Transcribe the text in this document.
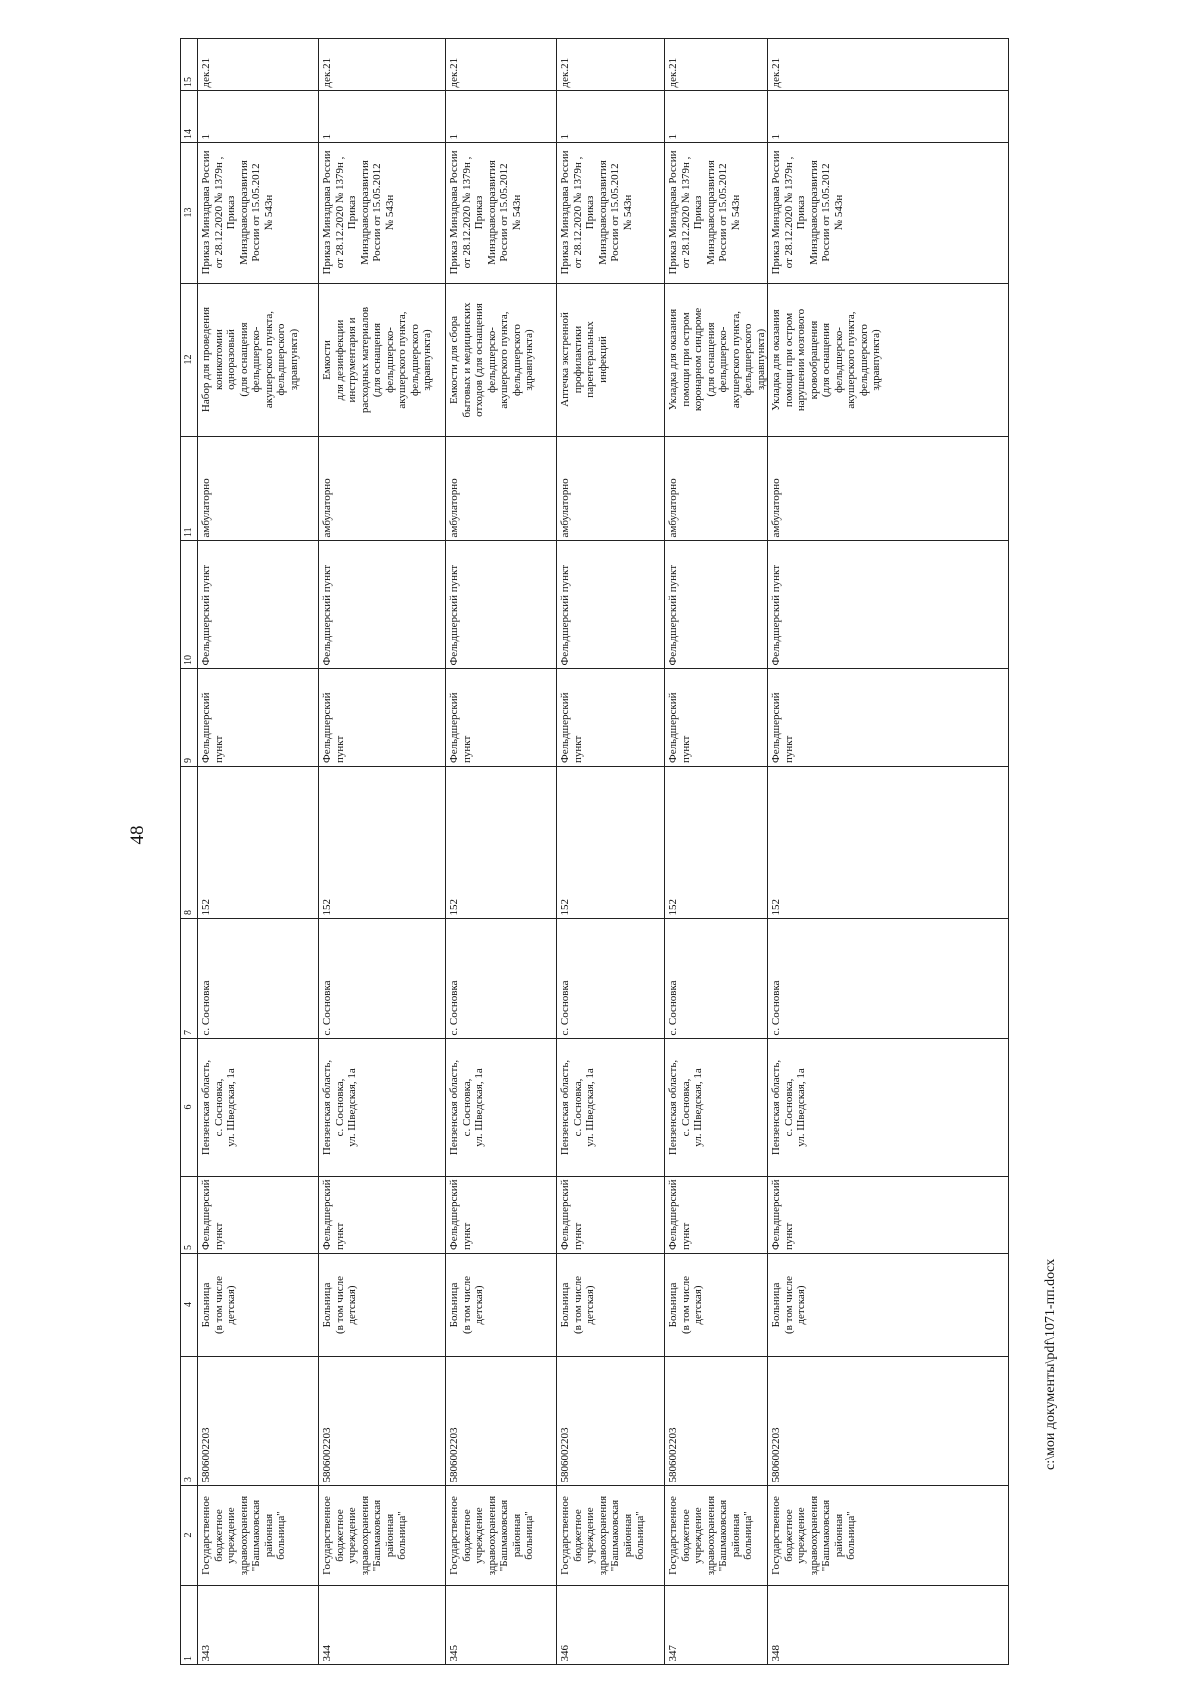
48
15
14
13
12
11
10
9
8
7
6
5
4
3
2
1
дек.21
1
Приказ Минздрава России
от 28.12.2020 № 1379н ,
Приказ
Минздравсоцразвития
России от 15.05.2012
№ 543н
Набор для проведения
коникотомии
одноразовый
(для оснащения
фельдшерско-
акушерского пункта,
фельдшерского
здравпункта)
амбулаторно
Фельдшерский пункт
Фельдшерский
пункт
152
с. Сосновка
Пензенская область,
с. Сосновка,
ул. Шведская, 1а
Фельдшерский пункт
Больница
(в том числе
детская)
5806002203
Государственное
бюджетное учреждение
здравоохранения
"Башмаковская
районная больница"
343
дек.21
1
Приказ Минздрава России
от 28.12.2020 № 1379н ,
Приказ
Минздравсоцразвития
России от 15.05.2012
№ 543н
Емкости
для дезинфекции
инструментария и
расходных материалов
(для оснащения
фельдшерско-
акушерского пункта,
фельдшерского
здравпункта)
амбулаторно
Фельдшерский пункт
Фельдшерский
пункт
152
с. Сосновка
Пензенская область,
с. Сосновка,
ул. Шведская, 1а
Фельдшерский пункт
Больница
(в том числе
детская)
5806002203
Государственное
бюджетное учреждение
здравоохранения
"Башмаковская
районная больница"
344
дек.21
1
Приказ Минздрава России
от 28.12.2020 № 1379н ,
Приказ
Минздравсоцразвития
России от 15.05.2012
№ 543н
Емкости для сбора
бытовых и медицинских
отходов (для оснащения
фельдшерско-
акушерского пункта,
фельдшерского
здравпункта)
амбулаторно
Фельдшерский пункт
Фельдшерский
пункт
152
с. Сосновка
Пензенская область,
с. Сосновка,
ул. Шведская, 1а
Фельдшерский пункт
Больница
(в том числе
детская)
5806002203
Государственное
бюджетное учреждение
здравоохранения
"Башмаковская
районная больница"
345
дек.21
1
Приказ Минздрава России
от 28.12.2020 № 1379н ,
Приказ
Минздравсоцразвития
России от 15.05.2012
№ 543н
Аптечка экстренной
профилактики
парентеральных
инфекций
амбулаторно
Фельдшерский пункт
Фельдшерский
пункт
152
с. Сосновка
Пензенская область,
с. Сосновка,
ул. Шведская, 1а
Фельдшерский пункт
Больница
(в том числе
детская)
5806002203
Государственное
бюджетное учреждение
здравоохранения
"Башмаковская
районная больница"
346
дек.21
1
Приказ Минздрава России
от 28.12.2020 № 1379н ,
Приказ
Минздравсоцразвития
России от 15.05.2012
№ 543н
Укладка для оказания
помощи при остром
коронарном синдроме
(для оснащения
фельдшерско-
акушерского пункта,
фельдшерского
здравпункта)
амбулаторно
Фельдшерский пункт
Фельдшерский
пункт
152
с. Сосновка
Пензенская область,
с. Сосновка,
ул. Шведская, 1а
Фельдшерский пункт
Больница
(в том числе
детская)
5806002203
Государственное
бюджетное учреждение
здравоохранения
"Башмаковская
районная больница"
347
дек.21
1
Приказ Минздрава России
от 28.12.2020 № 1379н ,
Приказ
Минздравсоцразвития
России от 15.05.2012
№ 543н
Укладка для оказания
помощи при остром
нарушении мозгового
кровообращения
(для оснащения
фельдшерско-
акушерского пункта,
фельдшерского
здравпункта)
амбулаторно
Фельдшерский пункт
Фельдшерский
пункт
152
с. Сосновка
Пензенская область,
с. Сосновка,
ул. Шведская, 1а
Фельдшерский пункт
Больница
(в том числе
детская)
5806002203
Государственное
бюджетное учреждение
здравоохранения
"Башмаковская
районная больница"
348
c:\мои документы\pdf\1071-пп.docx
